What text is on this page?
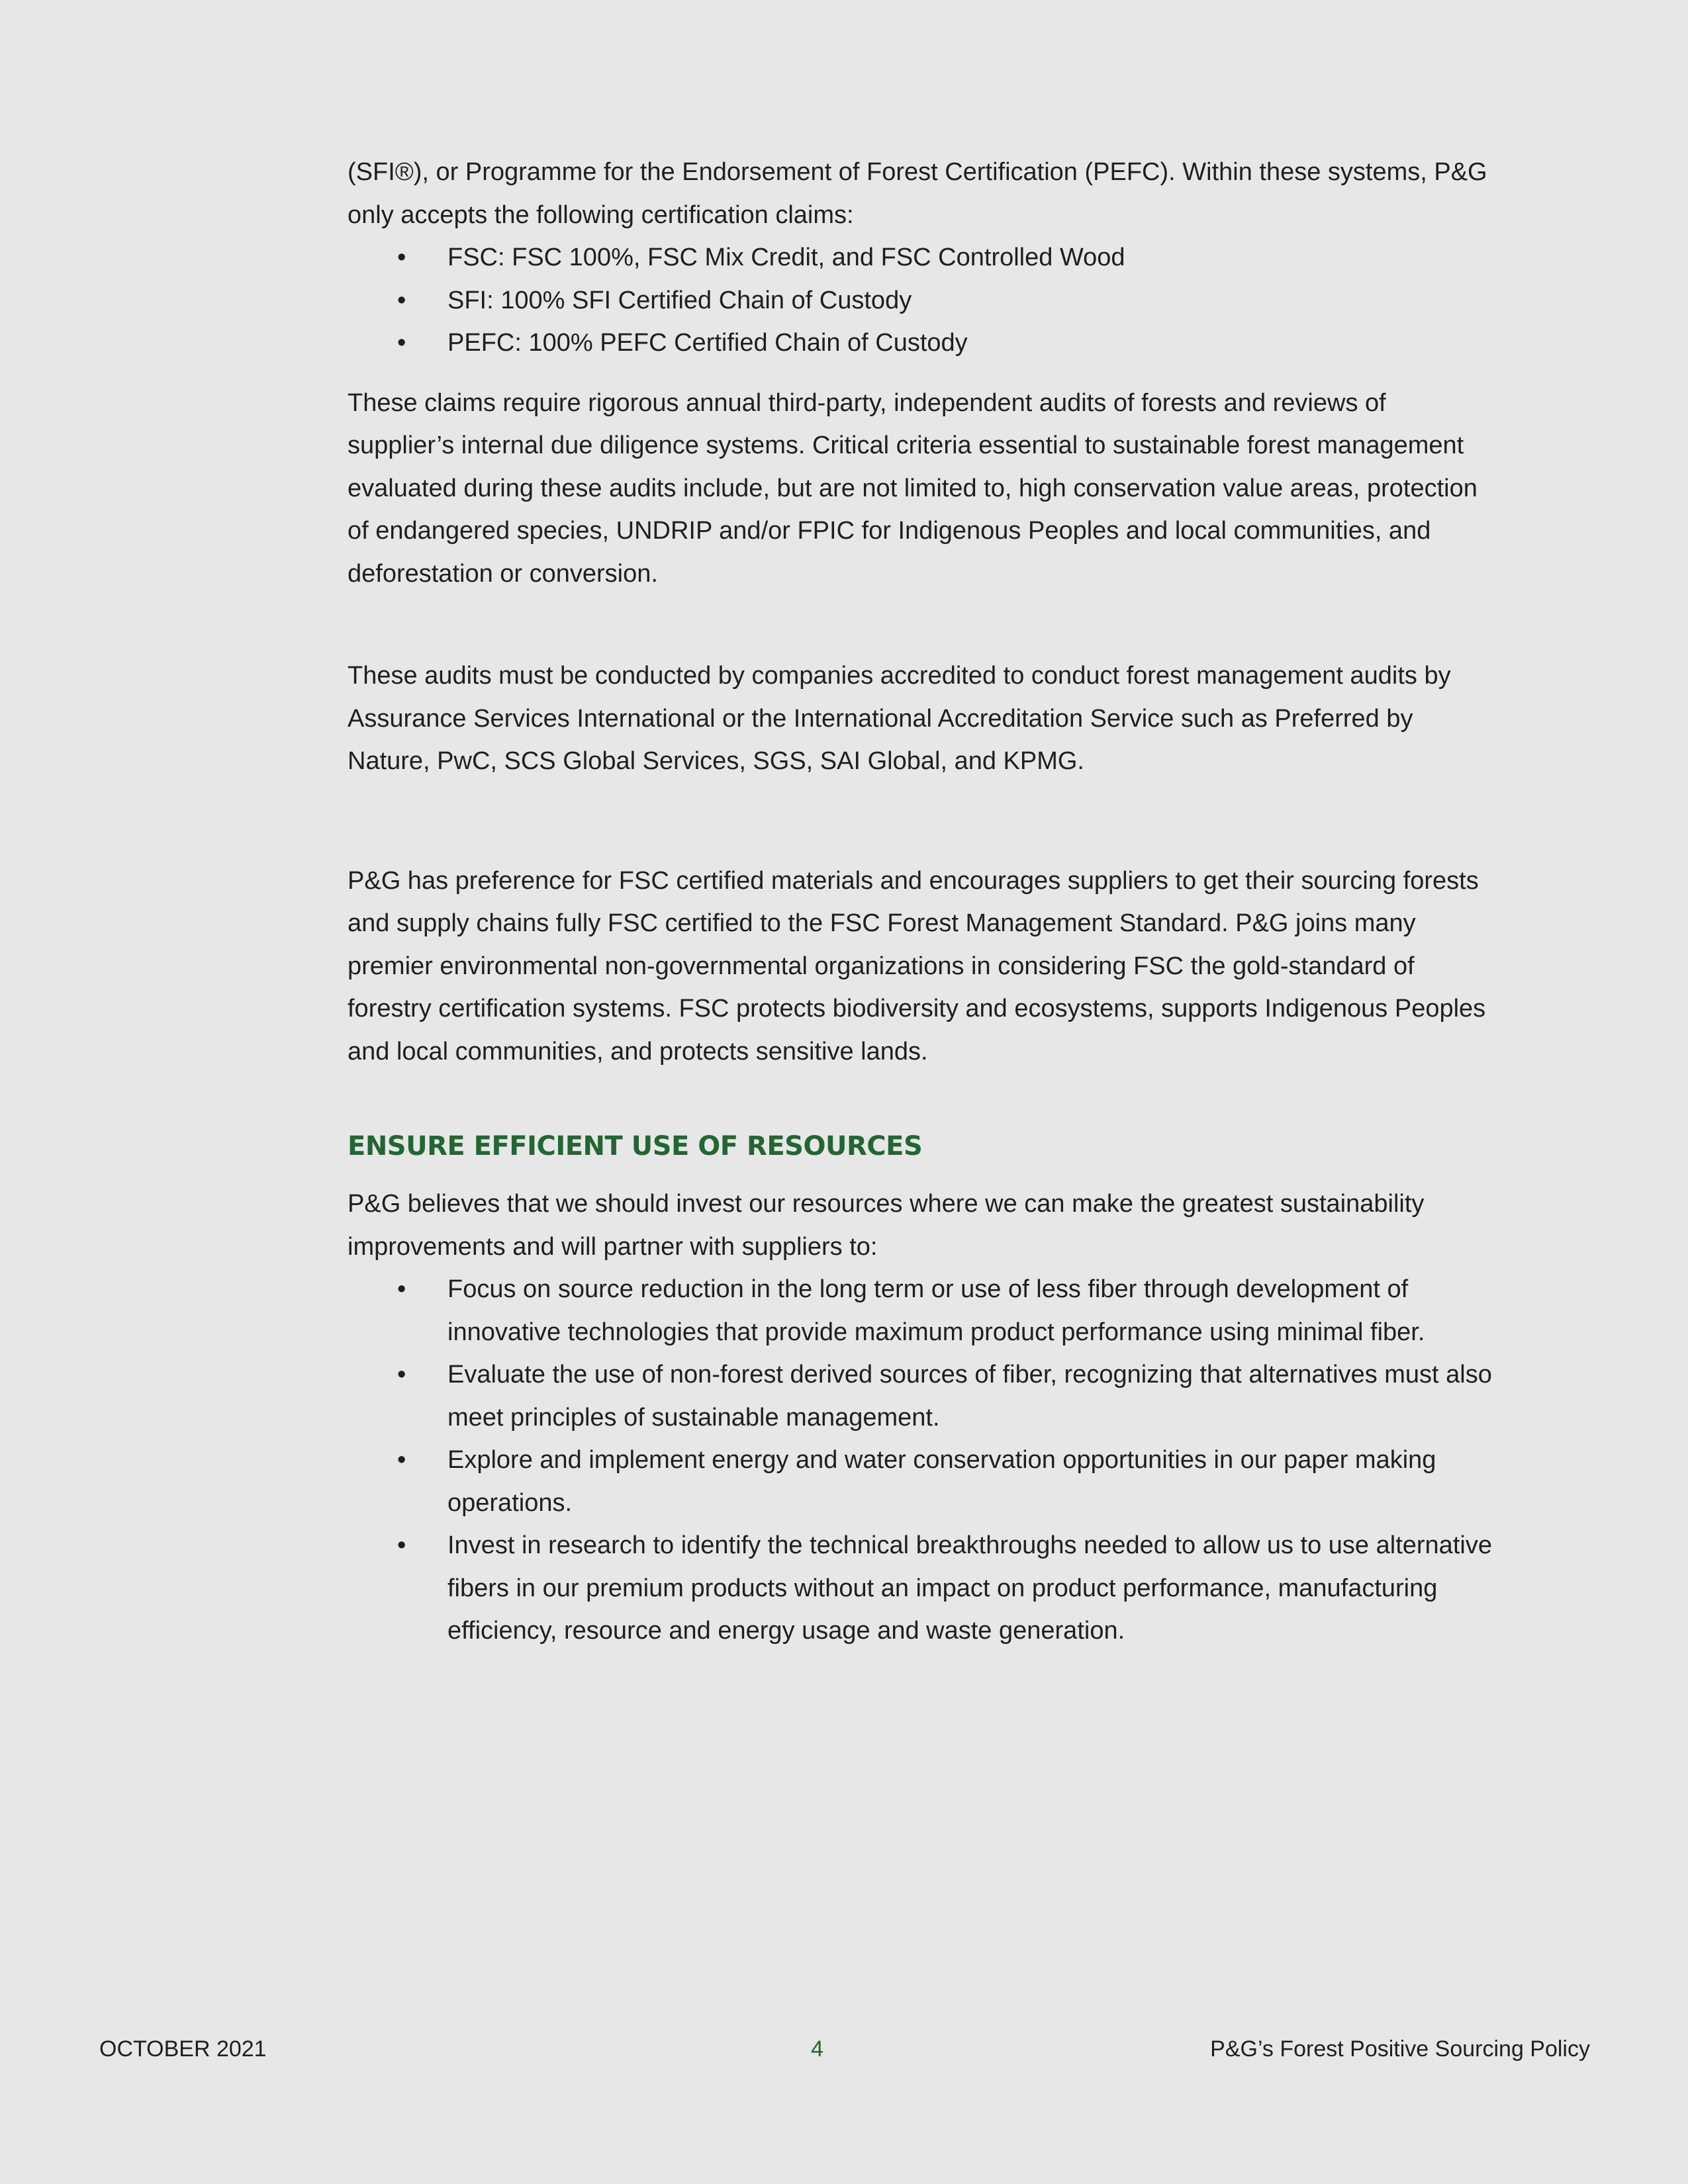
(SFI®), or Programme for the Endorsement of Forest Certification (PEFC). Within these systems, P&G only accepts the following certification claims:

• FSC: FSC 100%, FSC Mix Credit, and FSC Controlled Wood
• SFI: 100% SFI Certified Chain of Custody
• PEFC: 100% PEFC Certified Chain of Custody

These claims require rigorous annual third-party, independent audits of forests and reviews of supplier’s internal due diligence systems. Critical criteria essential to sustainable forest management evaluated during these audits include, but are not limited to, high conservation value areas, protection of endangered species, UNDRIP and/or FPIC for Indigenous Peoples and local communities, and deforestation or conversion.

These audits must be conducted by companies accredited to conduct forest management audits by Assurance Services International or the International Accreditation Service such as Preferred by Nature, PwC, SCS Global Services, SGS, SAI Global, and KPMG.

P&G has preference for FSC certified materials and encourages suppliers to get their sourcing forests and supply chains fully FSC certified to the FSC Forest Management Standard. P&G joins many premier environmental non-governmental organizations in considering FSC the gold-standard of forestry certification systems. FSC protects biodiversity and ecosystems, supports Indigenous Peoples and local communities, and protects sensitive lands.

ENSURE EFFICIENT USE OF RESOURCES

P&G believes that we should invest our resources where we can make the greatest sustainability improvements and will partner with suppliers to:

• Focus on source reduction in the long term or use of less fiber through development of innovative technologies that provide maximum product performance using minimal fiber.
• Evaluate the use of non-forest derived sources of fiber, recognizing that alternatives must also meet principles of sustainable management.
• Explore and implement energy and water conservation opportunities in our paper making operations.
• Invest in research to identify the technical breakthroughs needed to allow us to use alternative fibers in our premium products without an impact on product performance, manufacturing efficiency, resource and energy usage and waste generation.
OCTOBER 2021	4	P&G’s Forest Positive Sourcing Policy
